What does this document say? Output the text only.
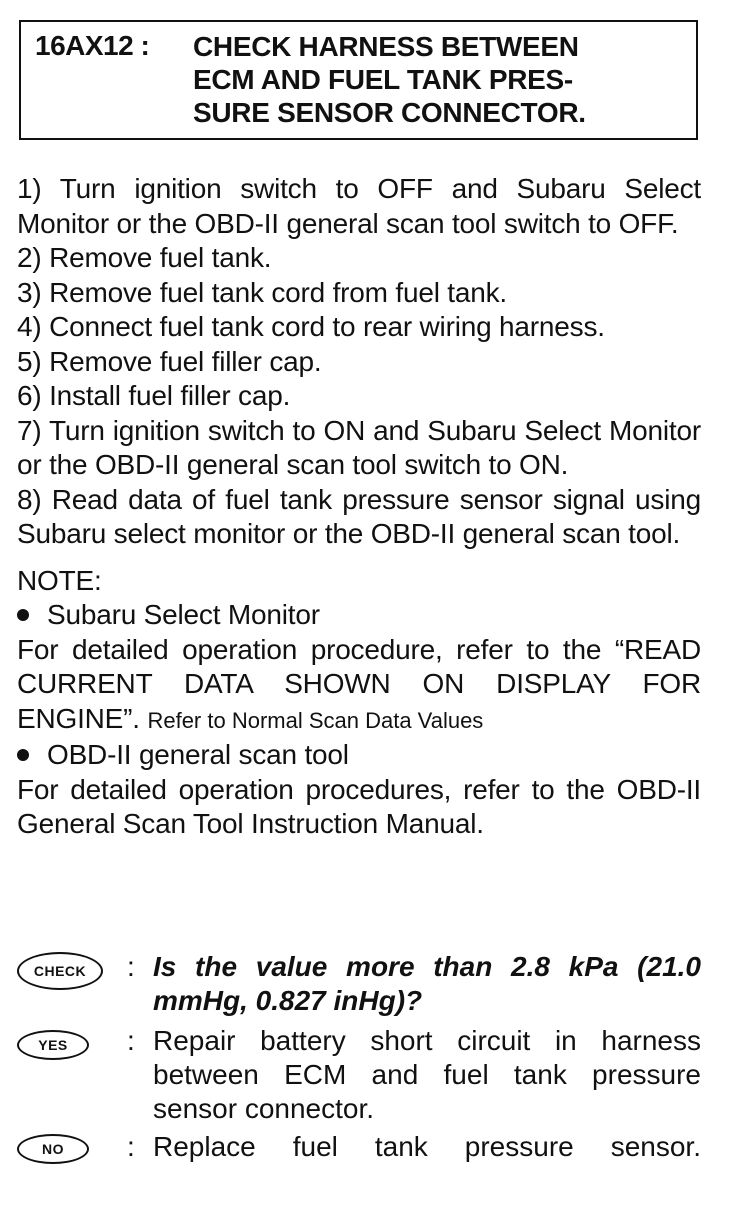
16AX12 : CHECK HARNESS BETWEEN
ECM AND FUEL TANK PRES-
SURE SENSOR CONNECTOR.
1) Turn ignition switch to OFF and Subaru Select Monitor or the OBD-II general scan tool switch to OFF.
2) Remove fuel tank.
3) Remove fuel tank cord from fuel tank.
4) Connect fuel tank cord to rear wiring harness.
5) Remove fuel filler cap.
6) Install fuel filler cap.
7) Turn ignition switch to ON and Subaru Select Monitor or the OBD-II general scan tool switch to ON.
8) Read data of fuel tank pressure sensor signal using Subaru select monitor or the OBD-II general scan tool.
NOTE:
Subaru Select Monitor
For detailed operation procedure, refer to the “READ CURRENT DATA SHOWN ON DISPLAY FOR ENGINE”. Refer to Normal Scan Data Values
OBD-II general scan tool
For detailed operation procedures, refer to the OBD-II General Scan Tool Instruction Manual.
CHECK	: Is the value more than 2.8 kPa (21.0 mmHg, 0.827 inHg)?
YES	: Repair battery short circuit in harness between ECM and fuel tank pressure sensor connector.
NO	: Replace fuel tank pressure sensor.
